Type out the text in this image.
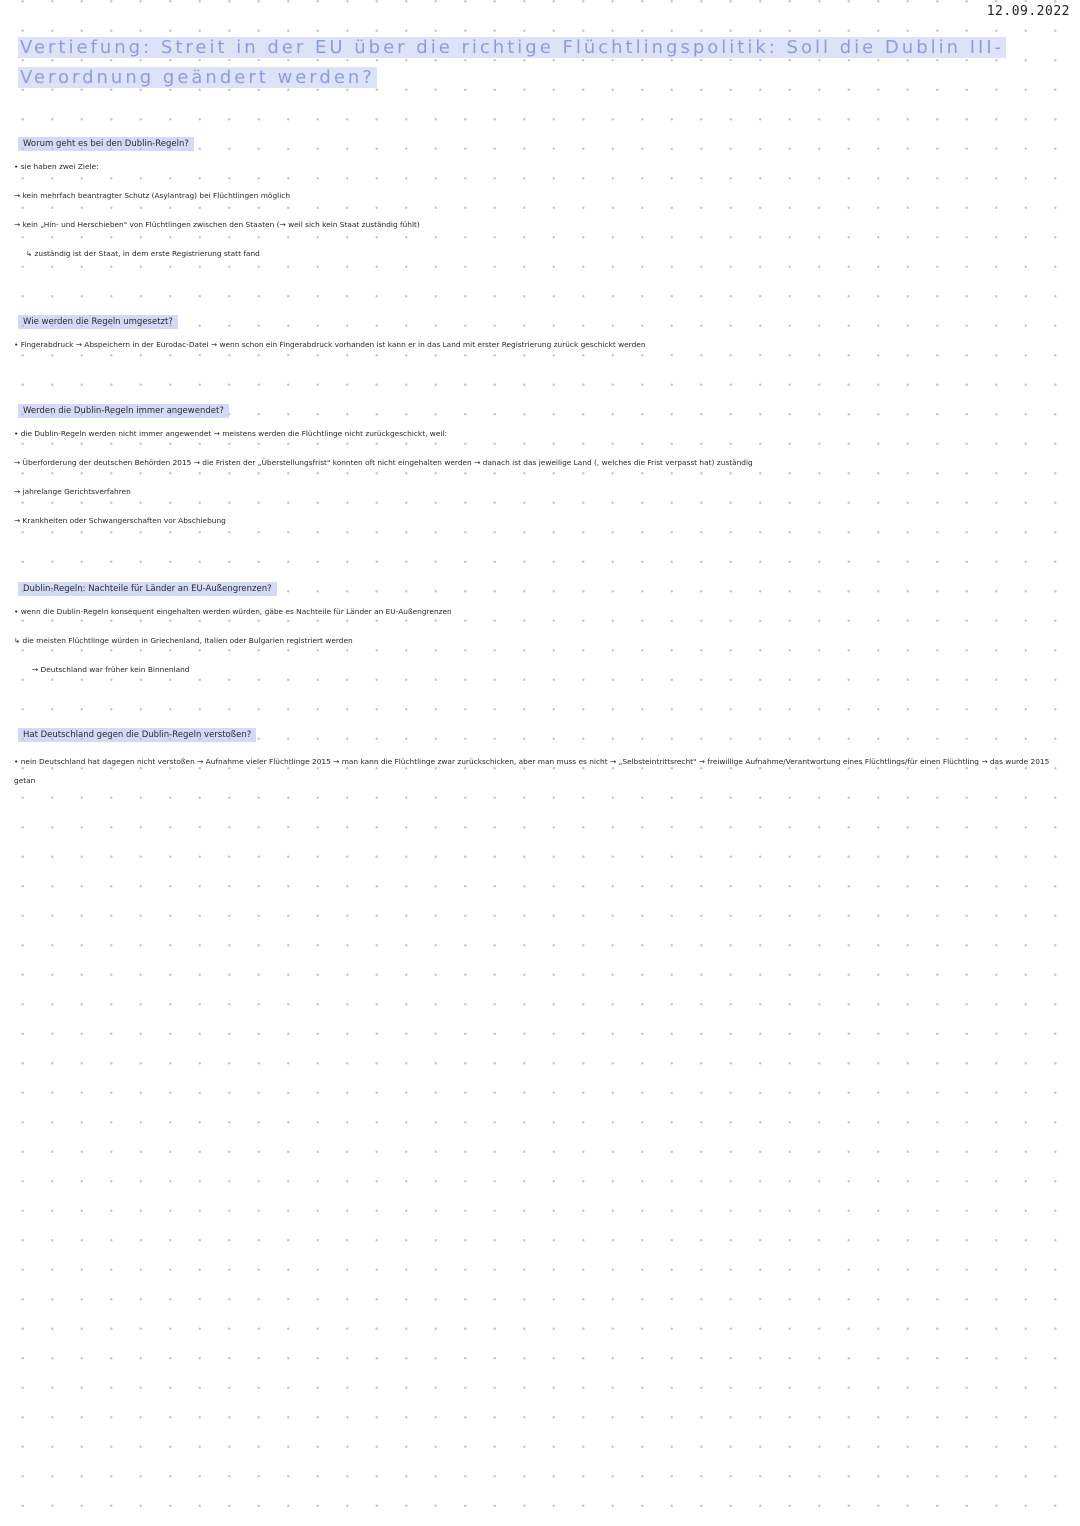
12.09.2022
Vertiefung: Streit in der EU über die richtige Flüchtlingspolitik: Soll die Dublin III-Verordnung geändert werden?
Worum geht es bei den Dublin-Regeln?
• sie haben zwei Ziele:
→ kein mehrfach beantragter Schutz (Asylantrag) bei Flüchtlingen möglich
→ kein „Hin- und Herschieben" von Flüchtlingen zwischen den Staaten (→ weil sich kein Staat zuständig fühlt)
↳ zuständig ist der Staat, in dem erste Registrierung statt fand
Wie werden die Regeln umgesetzt?
• Fingerabdruck → Abspeichern in der Eurodac-Datei → wenn schon ein Fingerabdruck vorhanden ist kann er in das Land mit erster Registrierung zurück geschickt werden
Werden die Dublin-Regeln immer angewendet?
• die Dublin-Regeln werden nicht immer angewendet → meistens werden die Flüchtlinge nicht zurückgeschickt, weil:
→ Überforderung der deutschen Behörden 2015 → die Fristen der „Überstellungsfrist" konnten oft nicht eingehalten werden → danach ist das jeweilige Land (, welches die Frist verpasst hat) zuständig
→ jahrelange Gerichtsverfahren
→ Krankheiten oder Schwangerschaften vor Abschiebung
Dublin-Regeln: Nachteile für Länder an EU-Außengrenzen?
• wenn die Dublin-Regeln konsequent eingehalten werden würden, gäbe es Nachteile für Länder an EU-Außengrenzen
↳ die meisten Flüchtlinge würden in Griechenland, Italien oder Bulgarien registriert werden
→ Deutschland war früher kein Binnenland
Hat Deutschland gegen die Dublin-Regeln verstoßen?
• nein Deutschland hat dagegen nicht verstoßen → Aufnahme vieler Flüchtlinge 2015 → man kann die Flüchtlinge zwar zurückschicken, aber man muss es nicht → „Selbsteintrittsrecht" → freiwillige Aufnahme/Verantwortung eines Flüchtlings/für einen Flüchtling → das wurde 2015 getan
